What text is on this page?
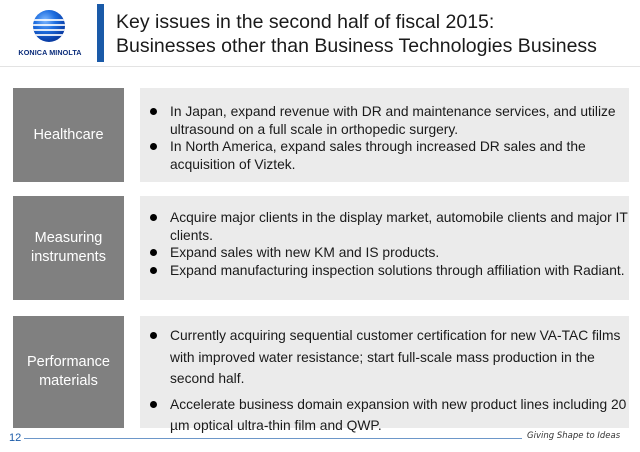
KONICA MINOLTA
Key issues in the second half of fiscal 2015:
Businesses other than Business Technologies Business
Healthcare
In Japan, expand revenue with DR and maintenance services, and utilize ultrasound on a full scale in orthopedic surgery.
In North America, expand sales through increased DR sales and the acquisition of Viztek.
Measuring
instruments
Acquire major clients in the display market, automobile clients and major IT clients.
Expand sales with new KM and IS products.
Expand manufacturing inspection solutions through affiliation with Radiant.
Performance
materials
Currently acquiring sequential customer certification for new VA-TAC films with improved water resistance; start full-scale mass production in the second half.
Accelerate business domain expansion with new product lines including 20 µm optical ultra-thin film and QWP.
12	Giving Shape to Ideas
